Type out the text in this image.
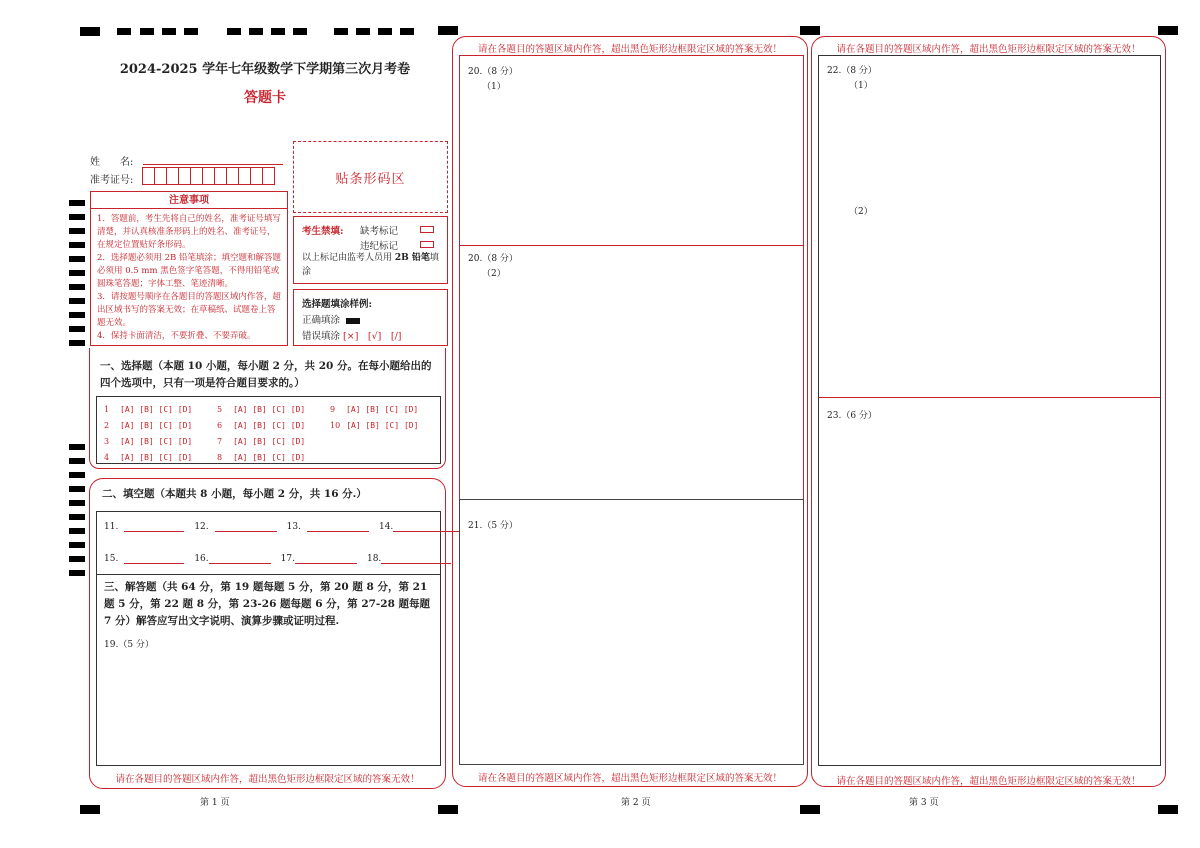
2024-2025 学年七年级数学下学期第三次月考卷
答题卡
姓　　名:
准考证号:	贴条形码区
注意事项
1．答题前，考生先将自己的姓名，准考证号填写清楚，并认真核准条形码上的姓名、准考证号，在规定位置贴好条形码。
2．选择题必须用 2B 铅笔填涂；填空题和解答题必须用 0.5 mm 黑色签字笔答题，不得用铅笔或圆珠笔答题；字体工整、笔迹清晰。
3．请按题号顺序在各题目的答题区域内作答，超出区域书写的答案无效；在草稿纸、试题卷上答题无效。
4．保持卡面清洁，不要折叠、不要弄破。
考生禁填: 缺考标记
违纪标记
以上标记由监考人员用 2B 铅笔填涂
选择题填涂样例:
正确填涂
错误填涂 [×]　[√]　[/]
一、选择题（本题 10 小题，每小题 2 分，共 20 分。在每小题给出的四个选项中，只有一项是符合题目要求的。）
1	[A] [B] [C] [D]
2	[A] [B] [C] [D]
3	[A] [B] [C] [D]
4	[A] [B] [C] [D]
5	[A] [B] [C] [D]
6	[A] [B] [C] [D]
7	[A] [B] [C] [D]
8	[A] [B] [C] [D]
9	[A] [B] [C] [D]
10 [A] [B] [C] [D]
二、填空题（本题共 8 小题，每小题 2 分，共 16 分.）
三、解答题（共 64 分，第 19 题每题 5 分，第 20 题 8 分，第 21 题 5 分，第 22 题 8 分，第 23-26 题每题 6 分，第 27-28 题每题 7 分）解答应写出文字说明、演算步骤或证明过程.
19.（5 分）
11.	12.	13.	14.
15.	16.	17.	18.
请在各题目的答题区域内作答，超出黑色矩形边框限定区域的答案无效！
第 1 页
请在各题目的答题区域内作答，超出黑色矩形边框限定区域的答案无效！
20.（8 分）
（1）
20.（8 分）
（2）
21.（5 分）
请在各题目的答题区域内作答，超出黑色矩形边框限定区域的答案无效！
第 2 页
请在各题目的答题区域内作答，超出黑色矩形边框限定区域的答案无效！
22.（8 分）
（1）
（2）
23.（6 分）
请在各题目的答题区域内作答，超出黑色矩形边框限定区域的答案无效！
第 3 页
